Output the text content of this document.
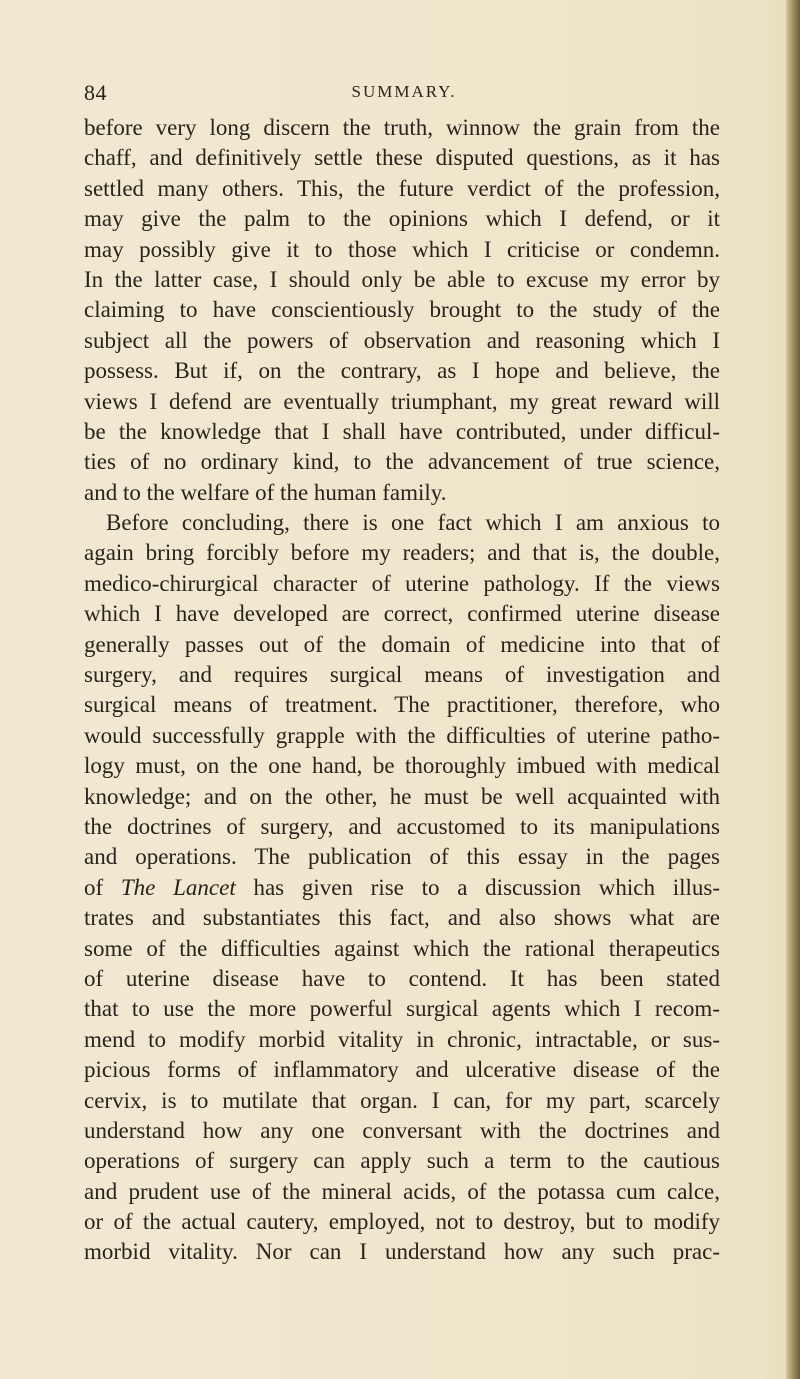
84	SUMMARY.
before very long discern the truth, winnow the grain from the
chaff, and definitively settle these disputed questions, as it has
settled many others. This, the future verdict of the profession,
may give the palm to the opinions which I defend, or it
may possibly give it to those which I criticise or condemn.
In the latter case, I should only be able to excuse my error by
claiming to have conscientiously brought to the study of the
subject all the powers of observation and reasoning which I
possess. But if, on the contrary, as I hope and believe, the
views I defend are eventually triumphant, my great reward will
be the knowledge that I shall have contributed, under difficul-
ties of no ordinary kind, to the advancement of true science,
and to the welfare of the human family.
Before concluding, there is one fact which I am anxious to
again bring forcibly before my readers; and that is, the double,
medico-chirurgical character of uterine pathology. If the views
which I have developed are correct, confirmed uterine disease
generally passes out of the domain of medicine into that of
surgery, and requires surgical means of investigation and
surgical means of treatment. The practitioner, therefore, who
would successfully grapple with the difficulties of uterine patho-
logy must, on the one hand, be thoroughly imbued with medical
knowledge; and on the other, he must be well acquainted with
the doctrines of surgery, and accustomed to its manipulations
and operations. The publication of this essay in the pages
of The Lancet has given rise to a discussion which illus-
trates and substantiates this fact, and also shows what are
some of the difficulties against which the rational therapeutics
of uterine disease have to contend. It has been stated
that to use the more powerful surgical agents which I recom-
mend to modify morbid vitality in chronic, intractable, or sus-
picious forms of inflammatory and ulcerative disease of the
cervix, is to mutilate that organ. I can, for my part, scarcely
understand how any one conversant with the doctrines and
operations of surgery can apply such a term to the cautious
and prudent use of the mineral acids, of the potassa cum calce,
or of the actual cautery, employed, not to destroy, but to modify
morbid vitality. Nor can I understand how any such prac-
